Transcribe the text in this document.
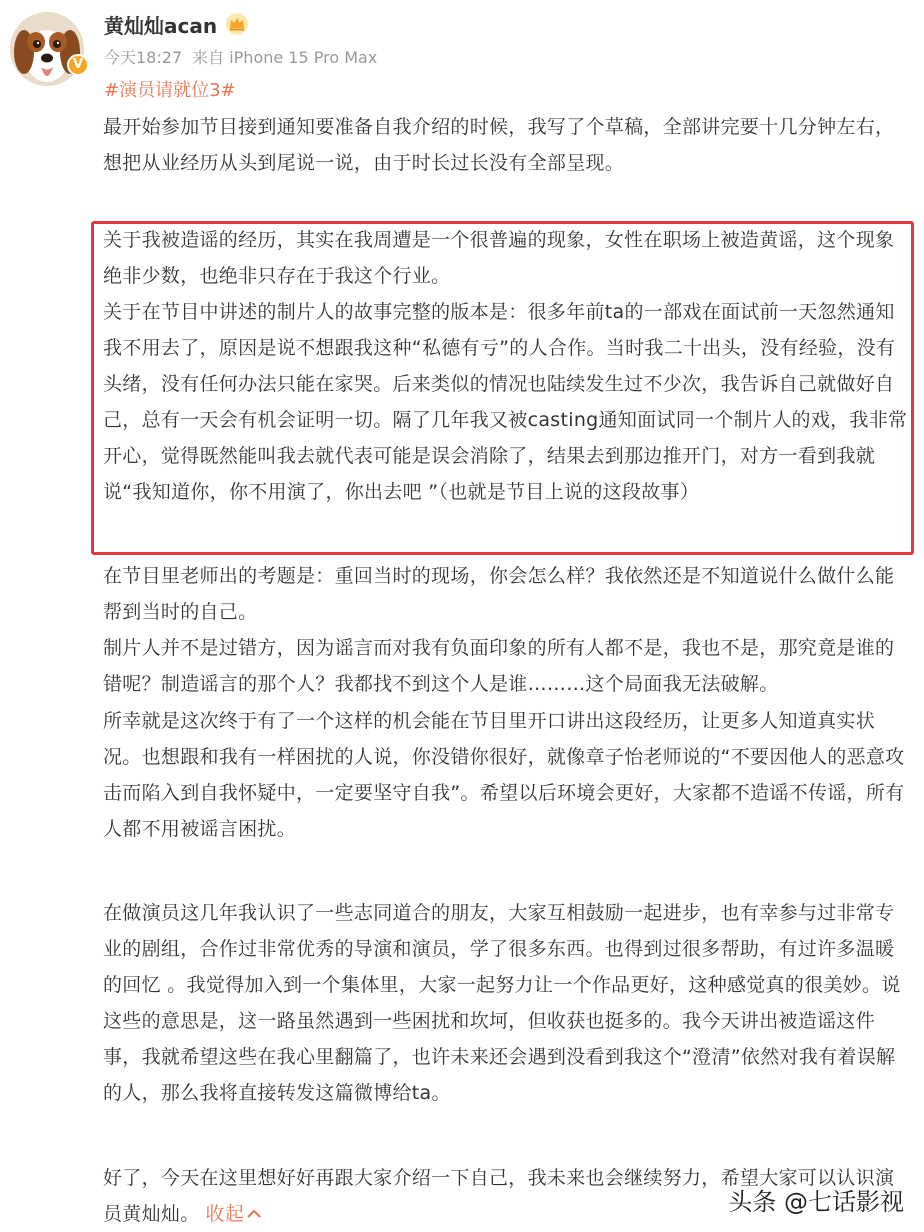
V
黄灿灿acan
今天18:27 来自 iPhone 15 Pro Max
#演员请就位3#

最开始参加节目接到通知要准备自我介绍的时候，我写了个草稿，全部讲完要十几分钟左右，想把从业经历从头到尾说一说，由于时长过长没有全部呈现。

关于我被造谣的经历，其实在我周遭是一个很普遍的现象，女性在职场上被造黄谣，这个现象绝非少数，也绝非只存在于我这个行业。

关于在节目中讲述的制片人的故事完整的版本是：很多年前ta的一部戏在面试前一天忽然通知我不用去了，原因是说不想跟我这种“私德有亏”的人合作。当时我二十出头，没有经验，没有头绪，没有任何办法只能在家哭。后来类似的情况也陆续发生过不少次，我告诉自己就做好自己，总有一天会有机会证明一切。隔了几年我又被casting通知面试同一个制片人的戏，我非常开心，觉得既然能叫我去就代表可能是误会消除了，结果去到那边推开门，对方一看到我就说“我知道你，你不用演了，你出去吧 ”（也就是节目上说的这段故事）

在节目里老师出的考题是：重回当时的现场，你会怎么样？我依然还是不知道说什么做什么能帮到当时的自己。

制片人并不是过错方，因为谣言而对我有负面印象的所有人都不是，我也不是，那究竟是谁的错呢？制造谣言的那个人？我都找不到这个人是谁………这个局面我无法破解。

所幸就是这次终于有了一个这样的机会能在节目里开口讲出这段经历，让更多人知道真实状况。也想跟和我有一样困扰的人说，你没错你很好，就像章子怡老师说的“不要因他人的恶意攻击而陷入到自我怀疑中，一定要坚守自我”。希望以后环境会更好，大家都不造谣不传谣，所有人都不用被谣言困扰。

在做演员这几年我认识了一些志同道合的朋友，大家互相鼓励一起进步，也有幸参与过非常专业的剧组，合作过非常优秀的导演和演员，学了很多东西。也得到过很多帮助，有过许多温暖的回忆 。我觉得加入到一个集体里，大家一起努力让一个作品更好，这种感觉真的很美妙。说这些的意思是，这一路虽然遇到一些困扰和坎坷，但收获也挺多的。我今天讲出被造谣这件事，我就希望这些在我心里翻篇了，也许未来还会遇到没看到我这个“澄清”依然对我有着误解的人，那么我将直接转发这篇微博给ta。

好了，今天在这里想好好再跟大家介绍一下自己，我未来也会继续努力，希望大家可以认识演员黄灿灿。 收起	头条 @七话影视
